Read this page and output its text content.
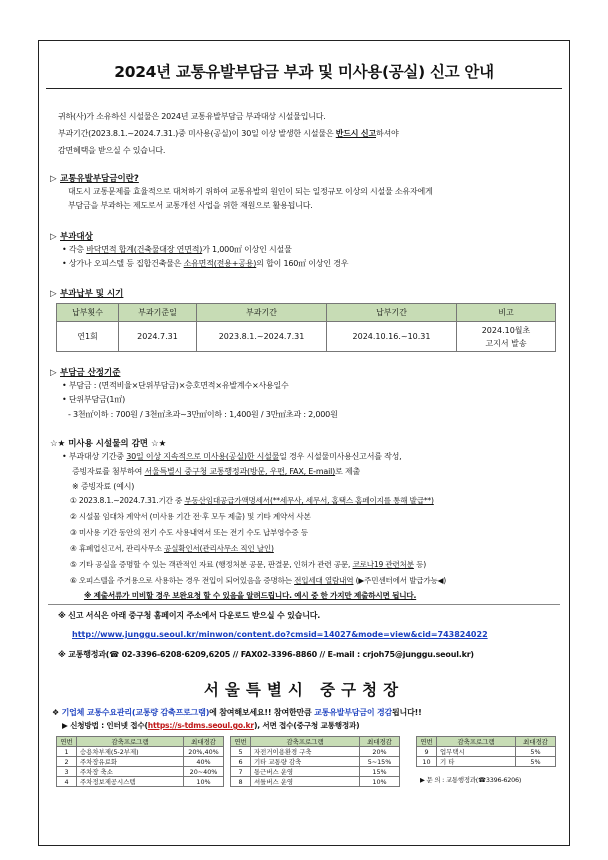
2024년 교통유발부담금 부과 및 미사용(공실) 신고 안내
귀하(사)가 소유하신 시설물은 2024년 교통유발부담금 부과대상 시설물입니다.
부과기간(2023.8.1.~2024.7.31.)중 미사용(공실)이 30일 이상 발생한 시설물은 반드시 신고하셔야
감면혜택을 받으실 수 있습니다.
▷ 교통유발부담금이란?
대도시 교통문제를 효율적으로 대처하기 위하여 교통유발의 원인이 되는 일정규모 이상의 시설물 소유자에게
부담금을 부과하는 제도로서 교통개선 사업을 위한 재원으로 활용됩니다.
▷ 부과대상
• 각층 바닥면적 합계(건축물대장 연면적)가 1,000㎡ 이상인 시설물
• 상가나 오피스텔 등 집합건축물은 소유면적(전용+공용)의 합이 160㎡ 이상인 경우
▷ 부과납부 및 시기
납부횟수	부과기준일	부과기간	납부기간	비고
연1회	2024.7.31	2023.8.1.~2024.7.31	2024.10.16.~10.31	2024.10월초
고지서 발송
▷ 부담금 산정기준
• 부담금 : (면적비율×단위부담금)×층호면적×유발계수×사용일수
• 단위부담금(1㎡)
- 3천㎡이하 : 700원 / 3천㎡초과~3만㎡이하 : 1,400원 / 3만㎡초과 : 2,000원
☆★ 미사용 시설물의 감면 ☆★
• 부과대상 기간중 30일 이상 지속적으로 미사용(공실)한 시설물일 경우 시설물미사용신고서를 작성,
증빙자료를 첨부하여 서울특별시 중구청 교통행정과(방문, 우편, FAX, E-mail)로 제출
※ 증빙자료 (예시)
① 2023.8.1.~2024.7.31.기간 중 부동산임대공급가액명세서(**세무사, 세무서, 홈택스 홈페이지를 통해 발급**)
② 시설물 임대차 계약서 (미사용 기간 전·후 모두 제출) 및 기타 계약서 사본
③ 미사용 기간 동안의 전기 수도 사용내역서 또는 전기 수도 납부영수증 등
④ 휴폐업신고서, 관리사무소 공실확인서(관리사무소 직인 날인)
⑤ 기타 공실을 증명할 수 있는 객관적인 자료 (행정처분 공문, 판결문, 인허가 관련 공문, 코로나19 관련처분 등)
⑥ 오피스텔을 주거용으로 사용하는 경우 전입이 되어있음을 증명하는 전입세대 열람내역 (▶주민센터에서 발급가능◀)
※ 제출서류가 미비할 경우 보완요청 할 수 있음을 알려드립니다. 예시 중 한 가지만 제출하시면 됩니다.
※ 신고 서식은 아래 중구청 홈페이지 주소에서 다운로드 받으실 수 있습니다.
http://www.junggu.seoul.kr/minwon/content.do?cmsid=14027&mode=view&cid=743824022
※ 교통행정과(☎ 02-3396-6208·6209,6205 // FAX02-3396-8860 // E-mail : crjoh75@junggu.seoul.kr)
서울특별시 중구청장
❖ 기업체 교통수요관리(교통량 감축프로그램)에 참여해보세요!! 참여한만큼 교통유발부담금이 경감됩니다!!
▶ 신청방법 : 인터넷 접수(https://s-tdms.seoul.go.kr), 서면 접수(중구청 교통행정과)
연번	감축프로그램	최대경감
1	승용차부제(5-2부제)	20%,40%
2	주차장유료화	40%
3	주차장 축소	20~40%
4	주차정보제공시스템	10%
연번	감축프로그램	최대경감
5	자전거이용환경 구축	20%
6	기타 교통량 감축	5~15%
7	통근버스 운영	15%
8	셔틀버스 운영	10%
연번	감축프로그램	최대경감
9	업무택시	5%
10	기 타	5%
▶ 문 의 : 교통행정과(☎3396-6206)
